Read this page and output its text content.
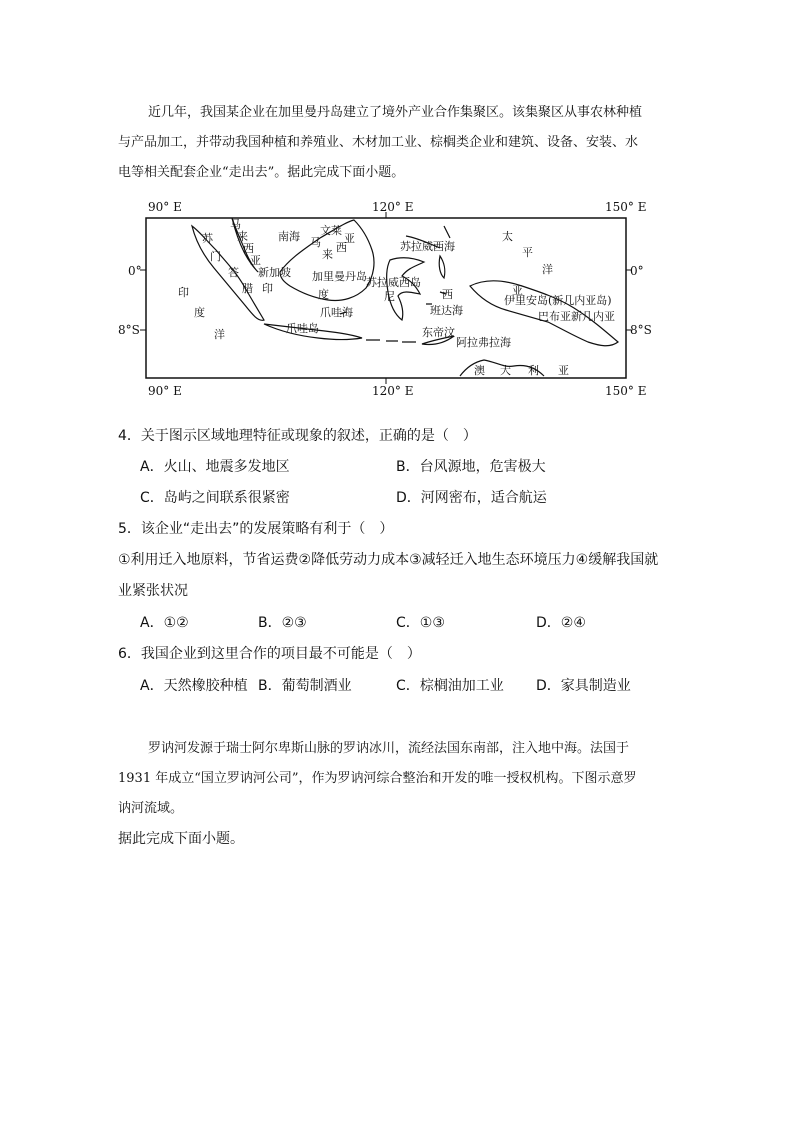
近几年，我国某企业在加里曼丹岛建立了境外产业合作集聚区。该集聚区从事农林种植
与产品加工，并带动我国种植和养殖业、木材加工业、棕榈类企业和建筑、设备、安装、水
电等相关配套企业“走出去”。据此完成下面小题。
90° E	120° E	150° E
90° E	120° E	150° E
0°
8°S
0°
8°S
马
来
西
亚
南海 文莱
马 西
亚
来
苏拉威西海
太
平
洋
苏
门
答
腊
新加坡 加里曼丹岛 苏拉威西岛
印	度	尼	西	亚
伊里安岛(新几内亚岛)
印
度	爪哇海	班达海	巴布亚新几内亚
洋	爪哇岛	东帝汶
阿拉弗拉海
澳 大 利 亚
4．关于图示区域地理特征或现象的叙述，正确的是（　）
A．火山、地震多发地区	B．台风源地，危害极大
C．岛屿之间联系很紧密	D．河网密布，适合航运
5．该企业“走出去”的发展策略有利于（　）
①利用迁入地原料，节省运费②降低劳动力成本③减轻迁入地生态环境压力④缓解我国就
业紧张状况
A．①②	B．②③	C．①③	D．②④
6．我国企业到这里合作的项目最不可能是（　）
A．天然橡胶种植 B．葡萄制酒业	C．棕榈油加工业 D．家具制造业
罗讷河发源于瑞士阿尔卑斯山脉的罗讷冰川，流经法国东南部，注入地中海。法国于
1931 年成立“国立罗讷河公司”，作为罗讷河综合整治和开发的唯一授权机构。下图示意罗
讷河流域。
据此完成下面小题。
